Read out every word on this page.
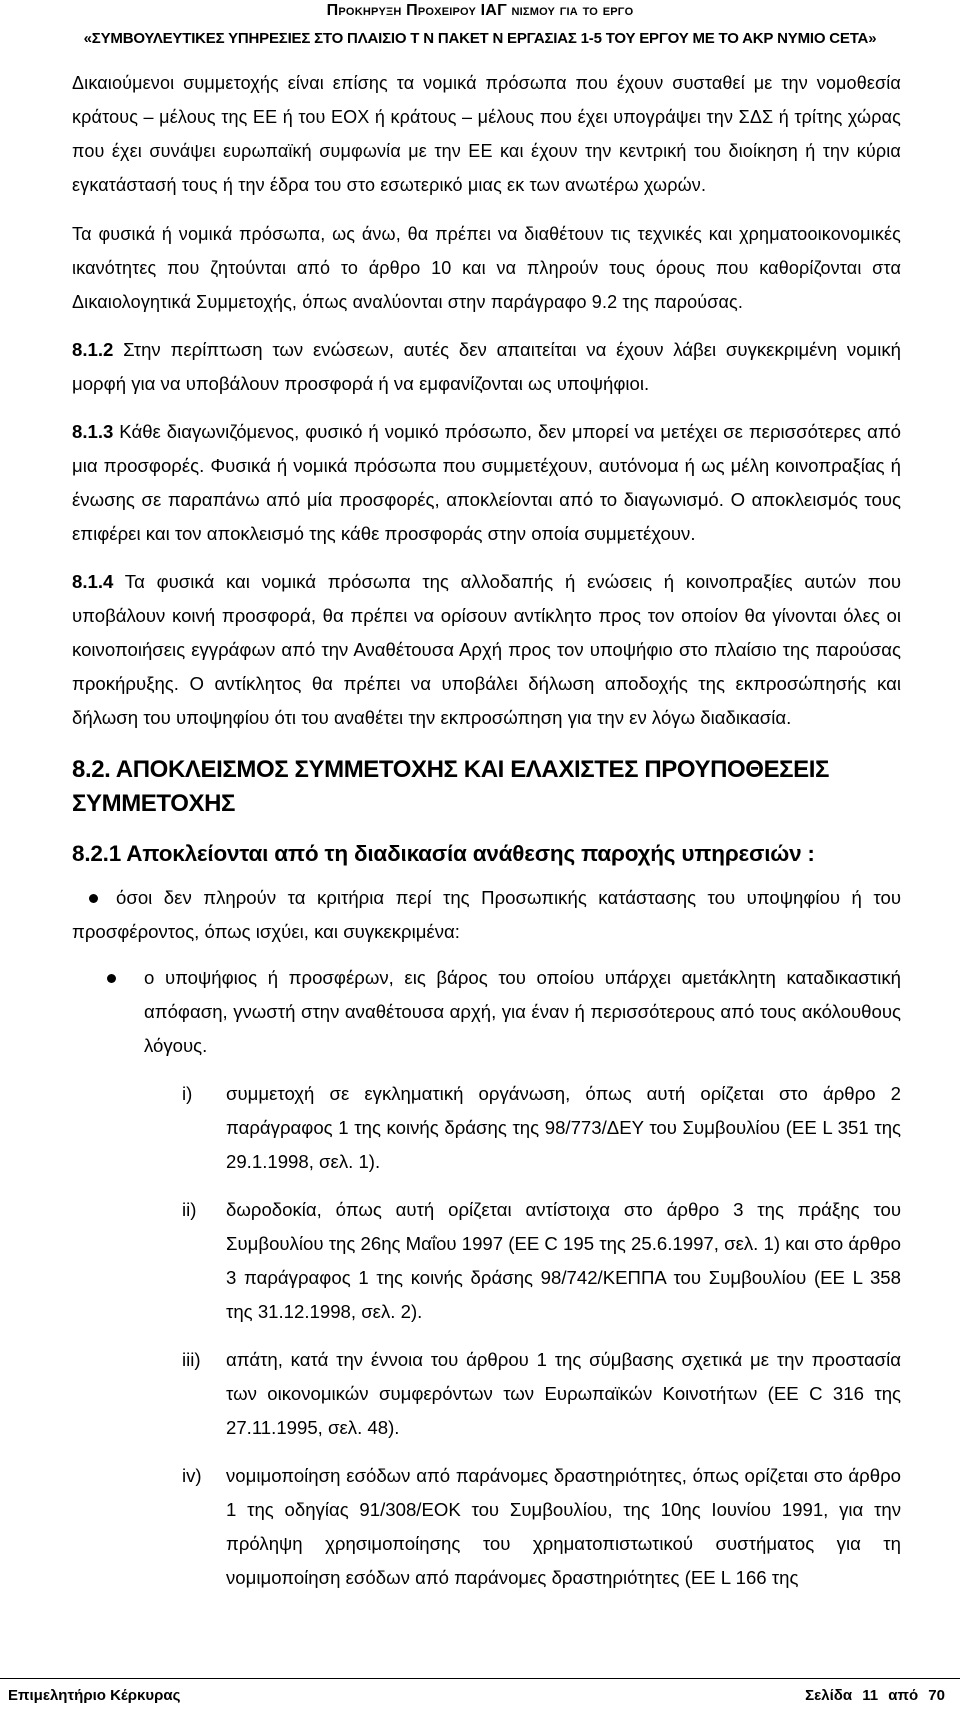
Προκηρυξη Προχειρου ΙΑΓ νισμου για το εργο
«ΣΥΜΒΟΥΛΕΥΤΙΚΕΣ ΥΠΗΡΕΣΙΕΣ ΣΤΟ ΠΛΑΙΣΙΟ Τ Ν ΠΑΚΕΤ Ν ΕΡΓΑΣΙΑΣ 1-5 ΤΟΥ ΕΡΓΟΥ ΜΕ ΤΟ ΑΚΡ ΝΥΜΙΟ CETA»

Δικαιούμενοι συμμετοχής είναι επίσης τα νομικά πρόσωπα που έχουν συσταθεί με την νομοθεσία κράτους – μέλους της ΕΕ ή του ΕΟΧ ή κράτους – μέλους που έχει υπογράψει την ΣΔΣ ή τρίτης χώρας που έχει συνάψει ευρωπαϊκή συμφωνία με την ΕΕ και έχουν την κεντρική του διοίκηση ή την κύρια εγκατάστασή τους ή την έδρα του στο εσωτερικό μιας εκ των ανωτέρω χωρών.

Τα φυσικά ή νομικά πρόσωπα, ως άνω, θα πρέπει να διαθέτουν τις τεχνικές και χρηματοοικονομικές ικανότητες που ζητούνται από το άρθρο 10 και να πληρούν τους όρους που καθορίζονται στα Δικαιολογητικά Συμμετοχής, όπως αναλύονται στην παράγραφο 9.2 της παρούσας.

8.1.2 Στην περίπτωση των ενώσεων, αυτές δεν απαιτείται να έχουν λάβει συγκεκριμένη νομική μορφή για να υποβάλουν προσφορά ή να εμφανίζονται ως υποψήφιοι.

8.1.3 Κάθε διαγωνιζόμενος, φυσικό ή νομικό πρόσωπο, δεν μπορεί να μετέχει σε περισσότερες από μια προσφορές. Φυσικά ή νομικά πρόσωπα που συμμετέχουν, αυτόνομα ή ως μέλη κοινοπραξίας ή ένωσης σε παραπάνω από μία προσφορές, αποκλείονται από το διαγωνισμό. Ο αποκλεισμός τους επιφέρει και τον αποκλεισμό της κάθε προσφοράς στην οποία συμμετέχουν.

8.1.4 Τα φυσικά και νομικά πρόσωπα της αλλοδαπής ή ενώσεις ή κοινοπραξίες αυτών που υποβάλουν κοινή προσφορά, θα πρέπει να ορίσουν αντίκλητο προς τον οποίον θα γίνονται όλες οι κοινοποιήσεις εγγράφων από την Αναθέτουσα Αρχή προς τον υποψήφιο στο πλαίσιο της παρούσας προκήρυξης. Ο αντίκλητος θα πρέπει να υποβάλει δήλωση αποδοχής της εκπροσώπησής και δήλωση του υποψηφίου ότι του αναθέτει την εκπροσώπηση για την εν λόγω διαδικασία.

8.2. ΑΠΟΚΛΕΙΣΜΟΣ ΣΥΜΜΕΤΟΧΗΣ ΚΑΙ ΕΛΑΧΙΣΤΕΣ ΠΡΟΥΠΟΘΕΣΕΙΣ ΣΥΜΜΕΤΟΧΗΣ
8.2.1 Αποκλείονται από τη διαδικασία ανάθεσης παροχής υπηρεσιών :

όσοι δεν πληρούν τα κριτήρια περί της Προσωπικής κατάστασης του υποψηφίου ή του προσφέροντος, όπως ισχύει, και συγκεκριμένα:

ο υποψήφιος ή προσφέρων, εις βάρος του οποίου υπάρχει αμετάκλητη καταδικαστική απόφαση, γνωστή στην αναθέτουσα αρχή, για έναν ή περισσότερους από τους ακόλουθους λόγους.

i) συμμετοχή σε εγκληματική οργάνωση, όπως αυτή ορίζεται στο άρθρο 2 παράγραφος 1 της κοινής δράσης της 98/773/ΔΕΥ του Συμβουλίου (ΕΕ L 351 της 29.1.1998, σελ. 1).

ii) δωροδοκία, όπως αυτή ορίζεται αντίστοιχα στο άρθρο 3 της πράξης του Συμβουλίου της 26ης Μαΐου 1997 (ΕΕ C 195 της 25.6.1997, σελ. 1) και στο άρθρο 3 παράγραφος 1 της κοινής δράσης 98/742/ΚΕΠΠΑ του Συμβουλίου (ΕΕ L 358 της 31.12.1998, σελ. 2).

iii) απάτη, κατά την έννοια του άρθρου 1 της σύμβασης σχετικά με την προστασία των οικονομικών συμφερόντων των Ευρωπαϊκών Κοινοτήτων (ΕΕ C 316 της 27.11.1995, σελ. 48).

iv) νομιμοποίηση εσόδων από παράνομες δραστηριότητες, όπως ορίζεται στο άρθρο 1 της οδηγίας 91/308/ΕΟΚ του Συμβουλίου, της 10ης Ιουνίου 1991, για την πρόληψη χρησιμοποίησης του χρηματοπιστωτικού συστήματος για τη νομιμοποίηση εσόδων από παράνομες δραστηριότητες (ΕΕ L 166 της

Επιμελητήριο Κέρκυρας	Σελίδα 11 από 70
